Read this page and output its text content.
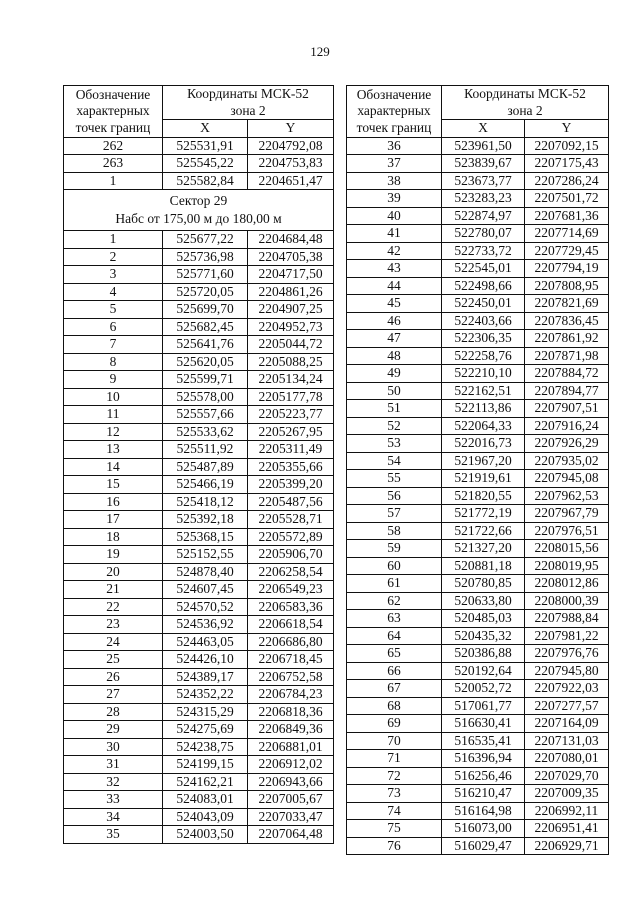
129
Обозначение
характерных
точек границ

Координаты МСК-52
зона 2

X	Y
262	525531,91	2204792,08
263	525545,22	2204753,83
1	525582,84	2204651,47

Сектор 29
Набс от 175,00 м до 180,00 м

1	525677,22	2204684,48
2	525736,98	2204705,38
3	525771,60	2204717,50
4	525720,05	2204861,26
5	525699,70	2204907,25
6	525682,45	2204952,73
7	525641,76	2205044,72
8	525620,05	2205088,25
9	525599,71	2205134,24
10	525578,00	2205177,78
11	525557,66	2205223,77
12	525533,62	2205267,95
13	525511,92	2205311,49
14	525487,89	2205355,66
15	525466,19	2205399,20
16	525418,12	2205487,56
17	525392,18	2205528,71
18	525368,15	2205572,89
19	525152,55	2205906,70
20	524878,40	2206258,54
21	524607,45	2206549,23
22	524570,52	2206583,36
23	524536,92	2206618,54
24	524463,05	2206686,80
25	524426,10	2206718,45
26	524389,17	2206752,58
27	524352,22	2206784,23
28	524315,29	2206818,36
29	524275,69	2206849,36
30	524238,75	2206881,01
31	524199,15	2206912,02
32	524162,21	2206943,66
33	524083,01	2207005,67
34	524043,09	2207033,47
35	524003,50	2207064,48
Обозначение
характерных
точек границ

Координаты МСК-52
зона 2

X	Y
36	523961,50	2207092,15
37	523839,67	2207175,43
38	523673,77	2207286,24
39	523283,23	2207501,72
40	522874,97	2207681,36
41	522780,07	2207714,69
42	522733,72	2207729,45
43	522545,01	2207794,19
44	522498,66	2207808,95
45	522450,01	2207821,69
46	522403,66	2207836,45
47	522306,35	2207861,92
48	522258,76	2207871,98
49	522210,10	2207884,72
50	522162,51	2207894,77
51	522113,86	2207907,51
52	522064,33	2207916,24
53	522016,73	2207926,29
54	521967,20	2207935,02
55	521919,61	2207945,08
56	521820,55	2207962,53
57	521772,19	2207967,79
58	521722,66	2207976,51
59	521327,20	2208015,56
60	520881,18	2208019,95
61	520780,85	2208012,86
62	520633,80	2208000,39
63	520485,03	2207988,84
64	520435,32	2207981,22
65	520386,88	2207976,76
66	520192,64	2207945,80
67	520052,72	2207922,03
68	517061,77	2207277,57
69	516630,41	2207164,09
70	516535,41	2207131,03
71	516396,94	2207080,01
72	516256,46	2207029,70
73	516210,47	2207009,35
74	516164,98	2206992,11
75	516073,00	2206951,41
76	516029,47	2206929,71
